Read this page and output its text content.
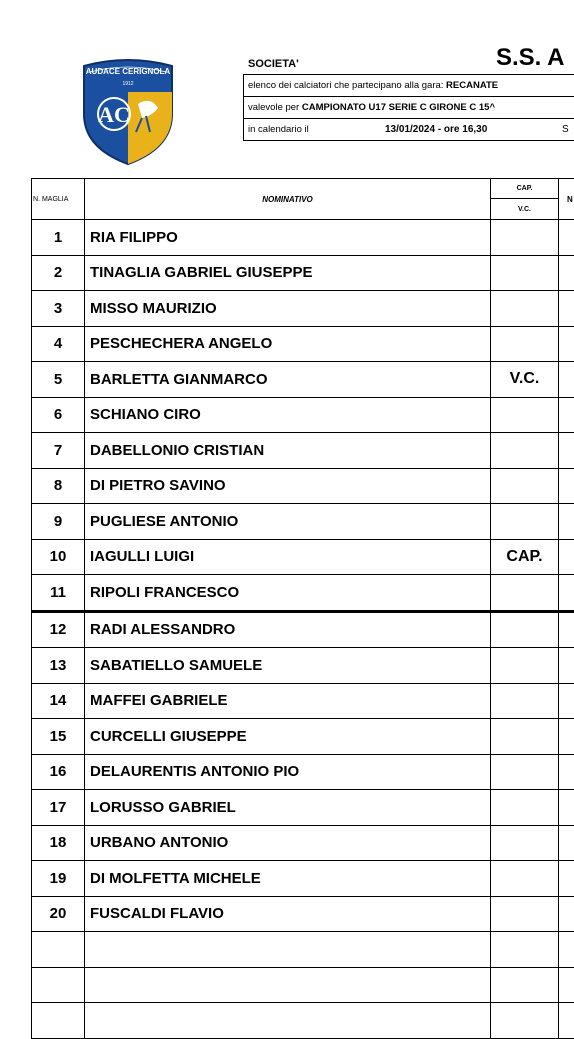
AUDACE CERIGNOLA
1912
AC
SOCIETA'	S.S. A
elenco dei calciatori che partecipano alla gara: RECANATE
valevole per CAMPIONATO U17 SERIE C GIRONE C 15^
in calendario il	13/01/2024 - ore 16,30	S
N. MAGLIA	NOMINATIVO	CAP.	N
		V.C.	
1	RIA FILIPPO		
2	TINAGLIA GABRIEL GIUSEPPE		
3	MISSO MAURIZIO		
4	PESCHECHERA ANGELO		
5	BARLETTA GIANMARCO	V.C.	
6	SCHIANO CIRO		
7	DABELLONIO CRISTIAN		
8	DI PIETRO SAVINO		
9	PUGLIESE ANTONIO		
10	IAGULLI LUIGI	CAP.	
11	RIPOLI FRANCESCO		
12	RADI ALESSANDRO		
13	SABATIELLO SAMUELE		
14	MAFFEI GABRIELE		
15	CURCELLI GIUSEPPE		
16	DELAURENTIS ANTONIO PIO		
17	LORUSSO GABRIEL		
18	URBANO ANTONIO		
19	DI MOLFETTA MICHELE		
20	FUSCALDI FLAVIO		
